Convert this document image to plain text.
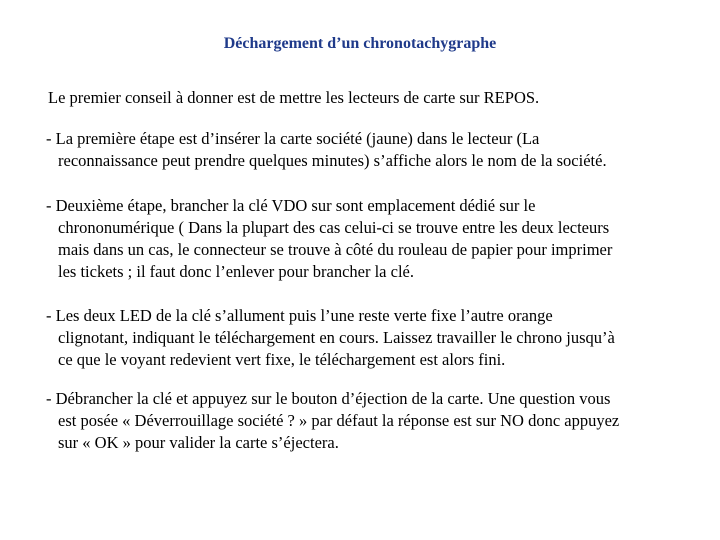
Déchargement d’un chronotachygraphe
Le premier conseil à donner est de mettre les lecteurs de carte sur REPOS.
- La première étape est d’insérer la carte société (jaune) dans le lecteur (La
reconnaissance peut prendre quelques minutes) s’affiche alors le nom de la société.
- Deuxième étape, brancher la clé VDO sur sont emplacement dédié sur le
chrononumérique ( Dans la plupart des cas celui-ci se trouve entre les deux lecteurs
mais dans un cas, le connecteur se trouve à côté du rouleau de papier pour imprimer
les tickets ; il faut donc l’enlever pour brancher la clé.
- Les deux LED de la clé s’allument puis l’une reste verte fixe l’autre orange
clignotant, indiquant le téléchargement en cours. Laissez travailler le chrono jusqu’à
ce que le voyant redevient vert fixe, le téléchargement est alors fini.
- Débrancher la clé et appuyez sur le bouton d’éjection de la carte. Une question vous
est posée « Déverrouillage société ? » par défaut la réponse est sur NO donc appuyez
sur « OK » pour valider la carte s’éjectera.
